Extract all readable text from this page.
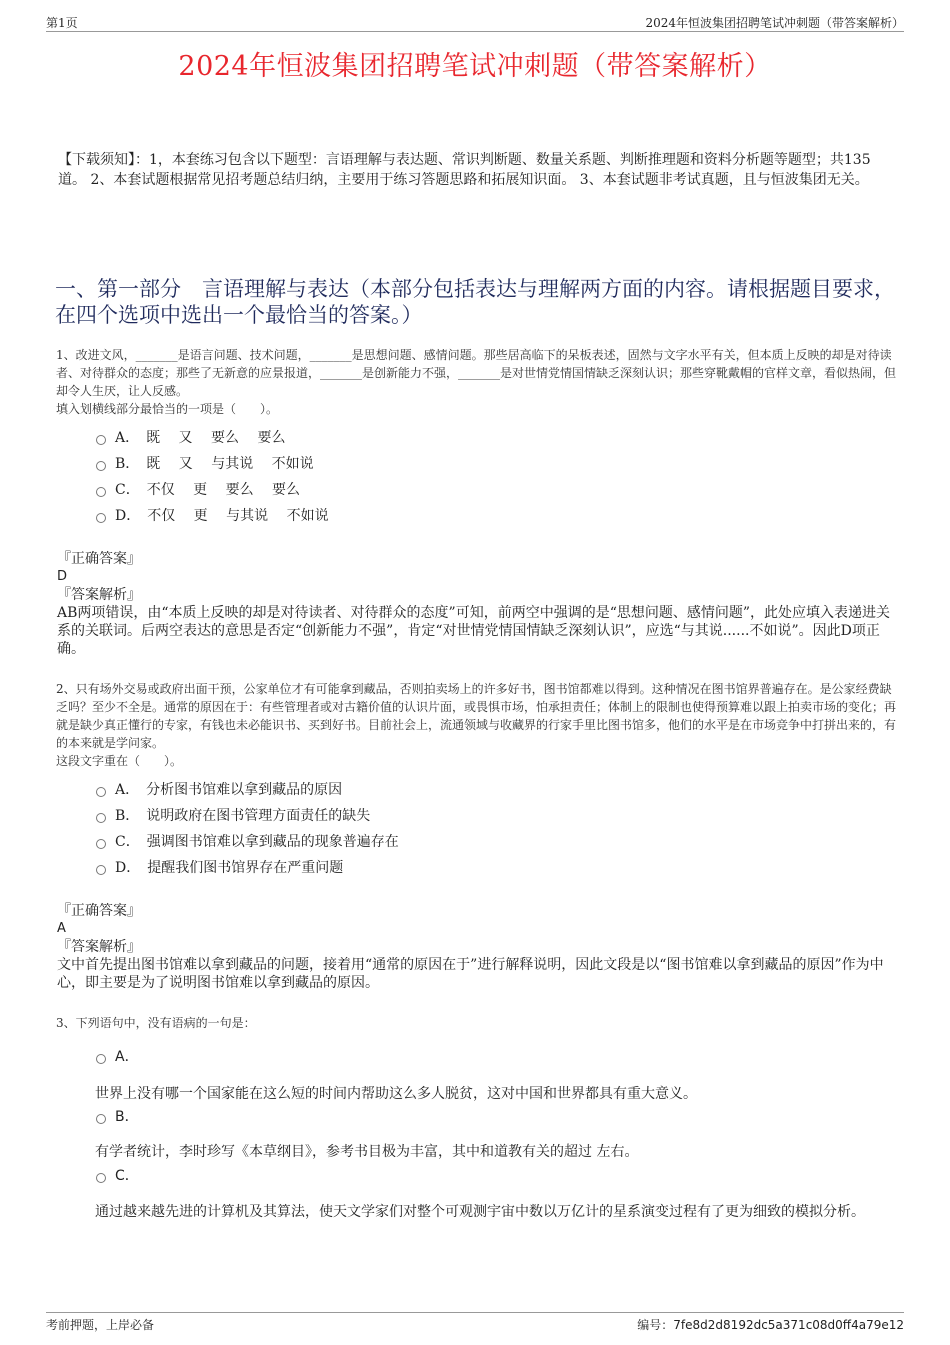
第1页	2024年恒波集团招聘笔试冲刺题（带答案解析）
2024年恒波集团招聘笔试冲刺题（带答案解析）
【下载须知】：1，本套练习包含以下题型：言语理解与表达题、常识判断题、数量关系题、判断推理题和资料分析题等题型；共135道。 2、本套试题根据常见招考题总结归纳，主要用于练习答题思路和拓展知识面。 3、本套试题非考试真题，且与恒波集团无关。
一、第一部分　言语理解与表达（本部分包括表达与理解两方面的内容。请根据题目要求，在四个选项中选出一个最恰当的答案。）
1、改进文风，_______是语言问题、技术问题，_______是思想问题、感情问题。那些居高临下的呆板表述，固然与文字水平有关，但本质上反映的却是对待读者、对待群众的态度；那些了无新意的应景报道，_______是创新能力不强，_______是对世情党情国情缺乏深刻认识；那些穿靴戴帽的官样文章，看似热闹，但却令人生厌，让人反感。
填入划横线部分最恰当的一项是（　　）。
A．　既　 又　 要么　 要么
B．　既　 又　 与其说　 不如说
C．　不仅　 更　 要么　 要么
D．　不仅　 更　 与其说　 不如说
『正确答案』
D
『答案解析』
AB两项错误，由“本质上反映的却是对待读者、对待群众的态度”可知，前两空中强调的是“思想问题、感情问题”，此处应填入表递进关系的关联词。后两空表达的意思是否定“创新能力不强”，肯定“对世情党情国情缺乏深刻认识”，应选“与其说......不如说”。因此D项正确。
2、只有场外交易或政府出面干预，公家单位才有可能拿到藏品，否则拍卖场上的许多好书，图书馆都难以得到。这种情况在图书馆界普遍存在。是公家经费缺乏吗？至少不全是。通常的原因在于：有些管理者或对古籍价值的认识片面，或畏惧市场，怕承担责任；体制上的限制也使得预算难以跟上拍卖市场的变化；再就是缺少真正懂行的专家，有钱也未必能识书、买到好书。目前社会上，流通领域与收藏界的行家手里比图书馆多，他们的水平是在市场竞争中打拼出来的，有的本来就是学问家。
这段文字重在（　　）。
A．　分析图书馆难以拿到藏品的原因
B．　说明政府在图书管理方面责任的缺失
C．　强调图书馆难以拿到藏品的现象普遍存在
D．　提醒我们图书馆界存在严重问题
『正确答案』
A
『答案解析』
文中首先提出图书馆难以拿到藏品的问题，接着用“通常的原因在于”进行解释说明，因此文段是以“图书馆难以拿到藏品的原因”作为中心，即主要是为了说明图书馆难以拿到藏品的原因。
3、下列语句中，没有语病的一句是：
A．
世界上没有哪一个国家能在这么短的时间内帮助这么多人脱贫，这对中国和世界都具有重大意义。
B．
有学者统计，李时珍写《本草纲目》，参考书目极为丰富，其中和道教有关的超过 左右。
C．
通过越来越先进的计算机及其算法，使天文学家们对整个可观测宇宙中数以万亿计的星系演变过程有了更为细致的模拟分析。
考前押题，上岸必备	编号：7fe8d2d8192dc5a371c08d0ff4a79e12
